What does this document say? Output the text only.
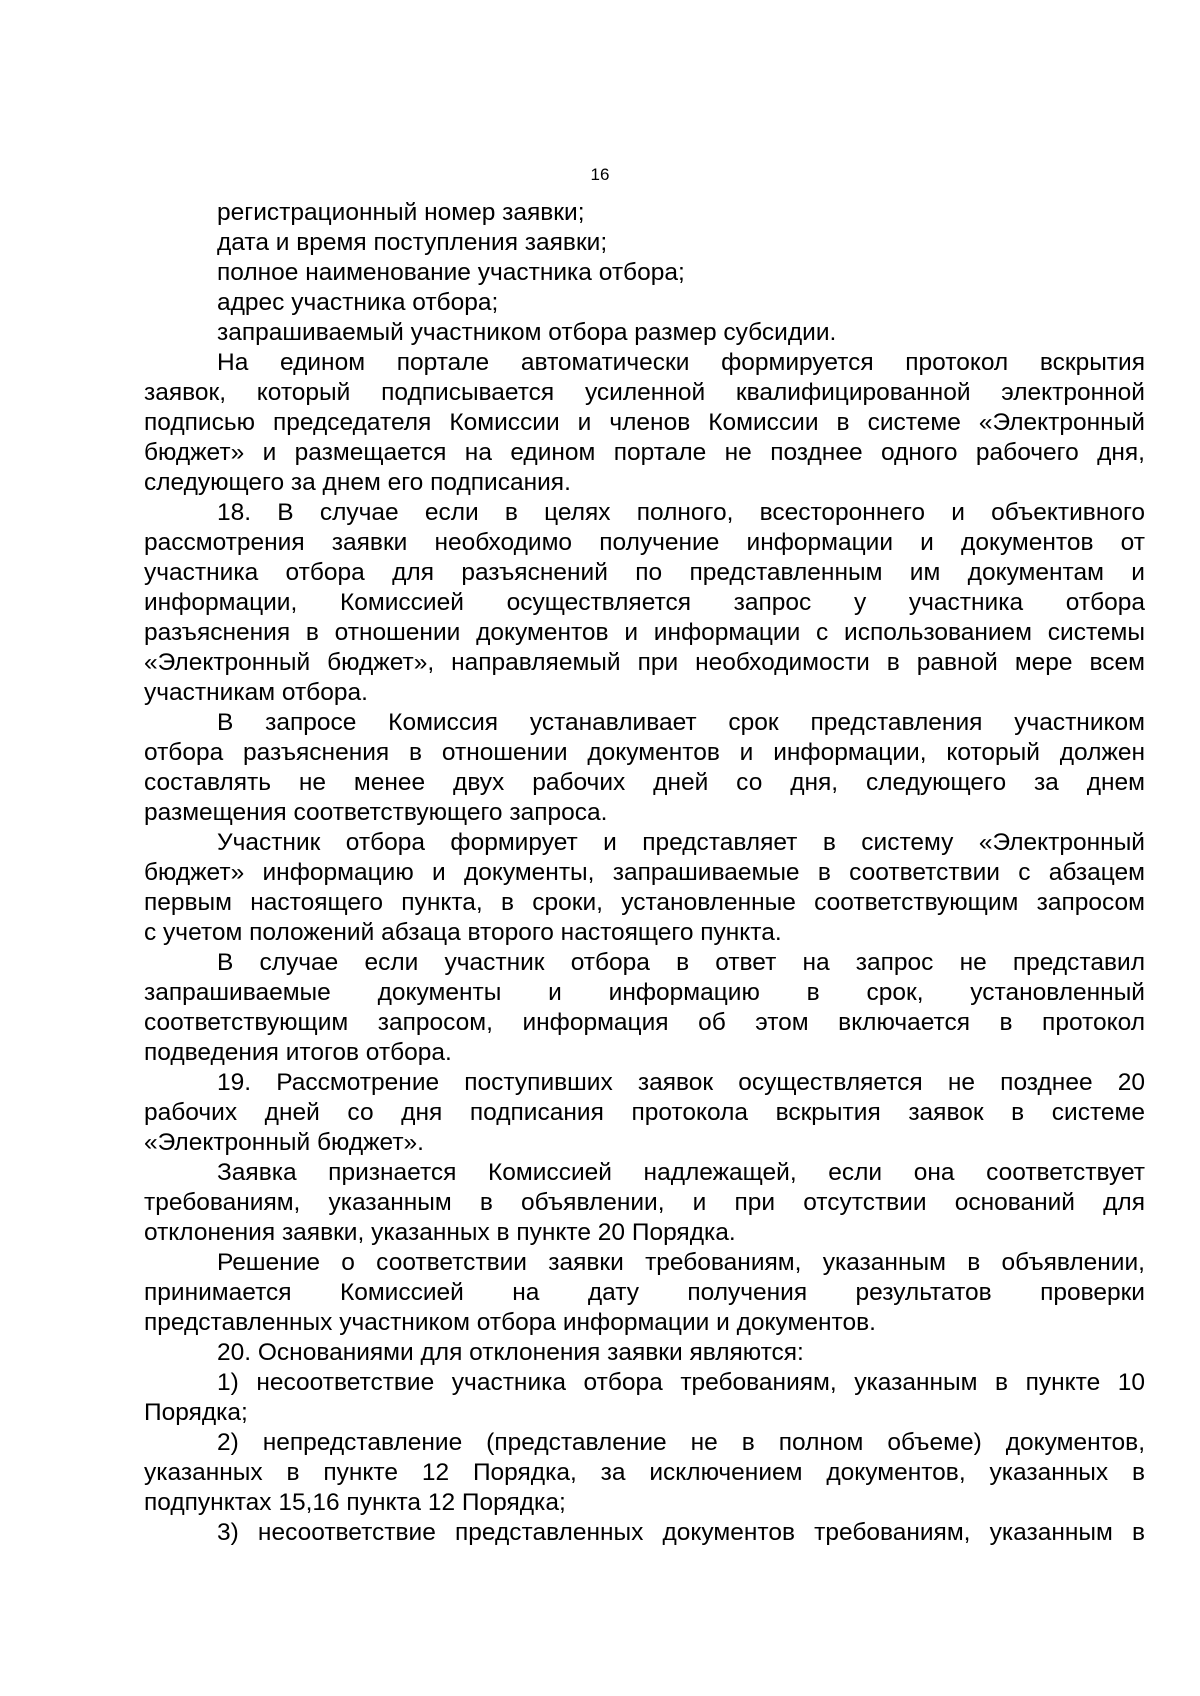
16
регистрационный номер заявки;
дата и время поступления заявки;
полное наименование участника отбора;
адрес участника отбора;
запрашиваемый участником отбора размер субсидии.
На едином портале автоматически формируется протокол вскрытия
заявок, который подписывается усиленной квалифицированной электронной
подписью председателя Комиссии и членов Комиссии в системе «Электронный
бюджет» и размещается на едином портале не позднее одного рабочего дня,
следующего за днем его подписания.
18. В случае если в целях полного, всестороннего и объективного
рассмотрения заявки необходимо получение информации и документов от
участника отбора для разъяснений по представленным им документам и
информации, Комиссией осуществляется запрос у участника отбора
разъяснения в отношении документов и информации с использованием системы
«Электронный бюджет», направляемый при необходимости в равной мере всем
участникам отбора.
В запросе Комиссия устанавливает срок представления участником
отбора разъяснения в отношении документов и информации, который должен
составлять не менее двух рабочих дней со дня, следующего за днем
размещения соответствующего запроса.
Участник отбора формирует и представляет в систему «Электронный
бюджет» информацию и документы, запрашиваемые в соответствии с абзацем
первым настоящего пункта, в сроки, установленные соответствующим запросом
с учетом положений абзаца второго настоящего пункта.
В случае если участник отбора в ответ на запрос не представил
запрашиваемые документы и информацию в срок, установленный
соответствующим запросом, информация об этом включается в протокол
подведения итогов отбора.
19. Рассмотрение поступивших заявок осуществляется не позднее 20
рабочих дней со дня подписания протокола вскрытия заявок в системе
«Электронный бюджет».
Заявка признается Комиссией надлежащей, если она соответствует
требованиям, указанным в объявлении, и при отсутствии оснований для
отклонения заявки, указанных в пункте 20 Порядка.
Решение о соответствии заявки требованиям, указанным в объявлении,
принимается Комиссией на дату получения результатов проверки
представленных участником отбора информации и документов.
20. Основаниями для отклонения заявки являются:
1) несоответствие участника отбора требованиям, указанным в пункте 10
Порядка;
2) непредставление (представление не в полном объеме) документов,
указанных в пункте 12 Порядка, за исключением документов, указанных в
подпунктах 15,16 пункта 12 Порядка;
3) несоответствие представленных документов требованиям, указанным в
